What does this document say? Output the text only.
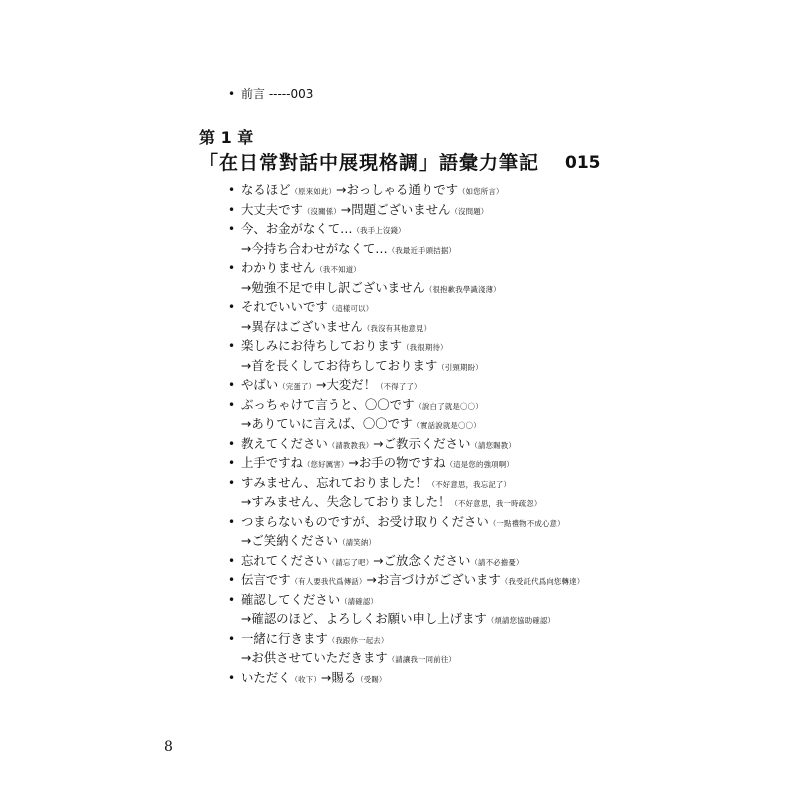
• 前言 -----003
第 1 章
「在日常對話中展現格調」語彙力筆記 015
• なるほど（原來如此）→おっしゃる通りです（如您所言）
• 大丈夫です（沒關係）→問題ございません（沒問題）
• 今、お金がなくて…（我手上沒錢）
→今持ち合わせがなくて…（我最近手頭拮据）
• わかりません（我不知道）
→勉強不足で申し訳ございません（很抱歉我學識淺薄）
• それでいいです（這樣可以）
→異存はございません（我沒有其他意見）
• 楽しみにお待ちしております（我很期待）
→首を長くしてお待ちしております（引頸期盼）
• やばい（完蛋了）→大変だ！（不得了了）
• ぶっちゃけて言うと、〇〇です（說白了就是〇〇）
→ありていに言えば、〇〇です（實話說就是〇〇）
• 教えてください（請教教我）→ご教示ください（請您賜教）
• 上手ですね（您好厲害）→お手の物ですね（這是您的強項啊）
• すみません、忘れておりました！（不好意思，我忘記了）
→すみません、失念しておりました！（不好意思，我一時疏忽）
• つまらないものですが、お受け取りください（一點禮物不成心意）
→ご笑納ください（請笑納）
• 忘れてください（請忘了吧）→ご放念ください（請不必擔憂）
• 伝言です（有人要我代爲傳話）→お言づけがございます（我受託代爲向您轉達）
• 確認してください（請確認）
→確認のほど、よろしくお願い申し上げます（煩請您協助確認）
• 一緒に行きます（我跟你一起去）
→お供させていただきます（請讓我一同前往）
• いただく（收下）→賜る（受賜）
8
